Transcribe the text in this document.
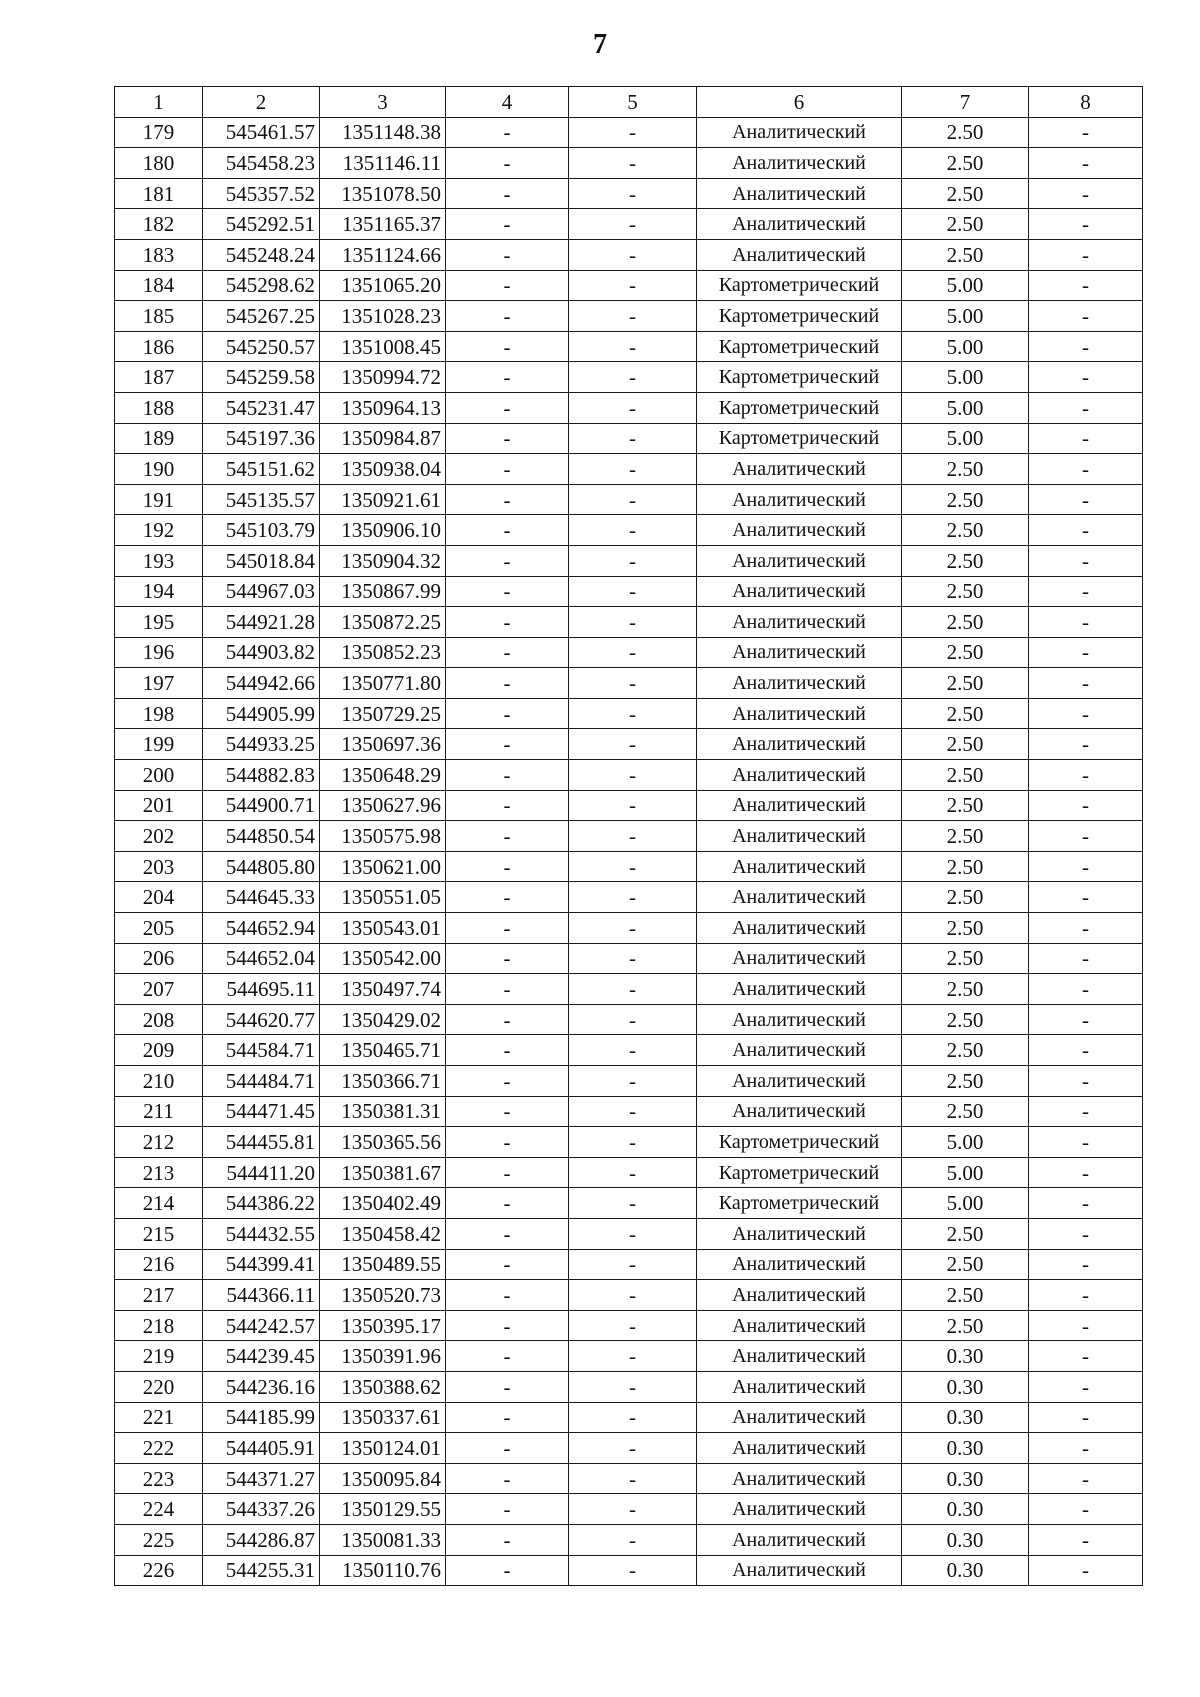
7
1	2	3	4	5	6	7	8
179	545461.57	1351148.38	-	-	Аналитический	2.50	-
180	545458.23	1351146.11	-	-	Аналитический	2.50	-
181	545357.52	1351078.50	-	-	Аналитический	2.50	-
182	545292.51	1351165.37	-	-	Аналитический	2.50	-
183	545248.24	1351124.66	-	-	Аналитический	2.50	-
184	545298.62	1351065.20	-	-	Картометрический	5.00	-
185	545267.25	1351028.23	-	-	Картометрический	5.00	-
186	545250.57	1351008.45	-	-	Картометрический	5.00	-
187	545259.58	1350994.72	-	-	Картометрический	5.00	-
188	545231.47	1350964.13	-	-	Картометрический	5.00	-
189	545197.36	1350984.87	-	-	Картометрический	5.00	-
190	545151.62	1350938.04	-	-	Аналитический	2.50	-
191	545135.57	1350921.61	-	-	Аналитический	2.50	-
192	545103.79	1350906.10	-	-	Аналитический	2.50	-
193	545018.84	1350904.32	-	-	Аналитический	2.50	-
194	544967.03	1350867.99	-	-	Аналитический	2.50	-
195	544921.28	1350872.25	-	-	Аналитический	2.50	-
196	544903.82	1350852.23	-	-	Аналитический	2.50	-
197	544942.66	1350771.80	-	-	Аналитический	2.50	-
198	544905.99	1350729.25	-	-	Аналитический	2.50	-
199	544933.25	1350697.36	-	-	Аналитический	2.50	-
200	544882.83	1350648.29	-	-	Аналитический	2.50	-
201	544900.71	1350627.96	-	-	Аналитический	2.50	-
202	544850.54	1350575.98	-	-	Аналитический	2.50	-
203	544805.80	1350621.00	-	-	Аналитический	2.50	-
204	544645.33	1350551.05	-	-	Аналитический	2.50	-
205	544652.94	1350543.01	-	-	Аналитический	2.50	-
206	544652.04	1350542.00	-	-	Аналитический	2.50	-
207	544695.11	1350497.74	-	-	Аналитический	2.50	-
208	544620.77	1350429.02	-	-	Аналитический	2.50	-
209	544584.71	1350465.71	-	-	Аналитический	2.50	-
210	544484.71	1350366.71	-	-	Аналитический	2.50	-
211	544471.45	1350381.31	-	-	Аналитический	2.50	-
212	544455.81	1350365.56	-	-	Картометрический	5.00	-
213	544411.20	1350381.67	-	-	Картометрический	5.00	-
214	544386.22	1350402.49	-	-	Картометрический	5.00	-
215	544432.55	1350458.42	-	-	Аналитический	2.50	-
216	544399.41	1350489.55	-	-	Аналитический	2.50	-
217	544366.11	1350520.73	-	-	Аналитический	2.50	-
218	544242.57	1350395.17	-	-	Аналитический	2.50	-
219	544239.45	1350391.96	-	-	Аналитический	0.30	-
220	544236.16	1350388.62	-	-	Аналитический	0.30	-
221	544185.99	1350337.61	-	-	Аналитический	0.30	-
222	544405.91	1350124.01	-	-	Аналитический	0.30	-
223	544371.27	1350095.84	-	-	Аналитический	0.30	-
224	544337.26	1350129.55	-	-	Аналитический	0.30	-
225	544286.87	1350081.33	-	-	Аналитический	0.30	-
226	544255.31	1350110.76	-	-	Аналитический	0.30	-
